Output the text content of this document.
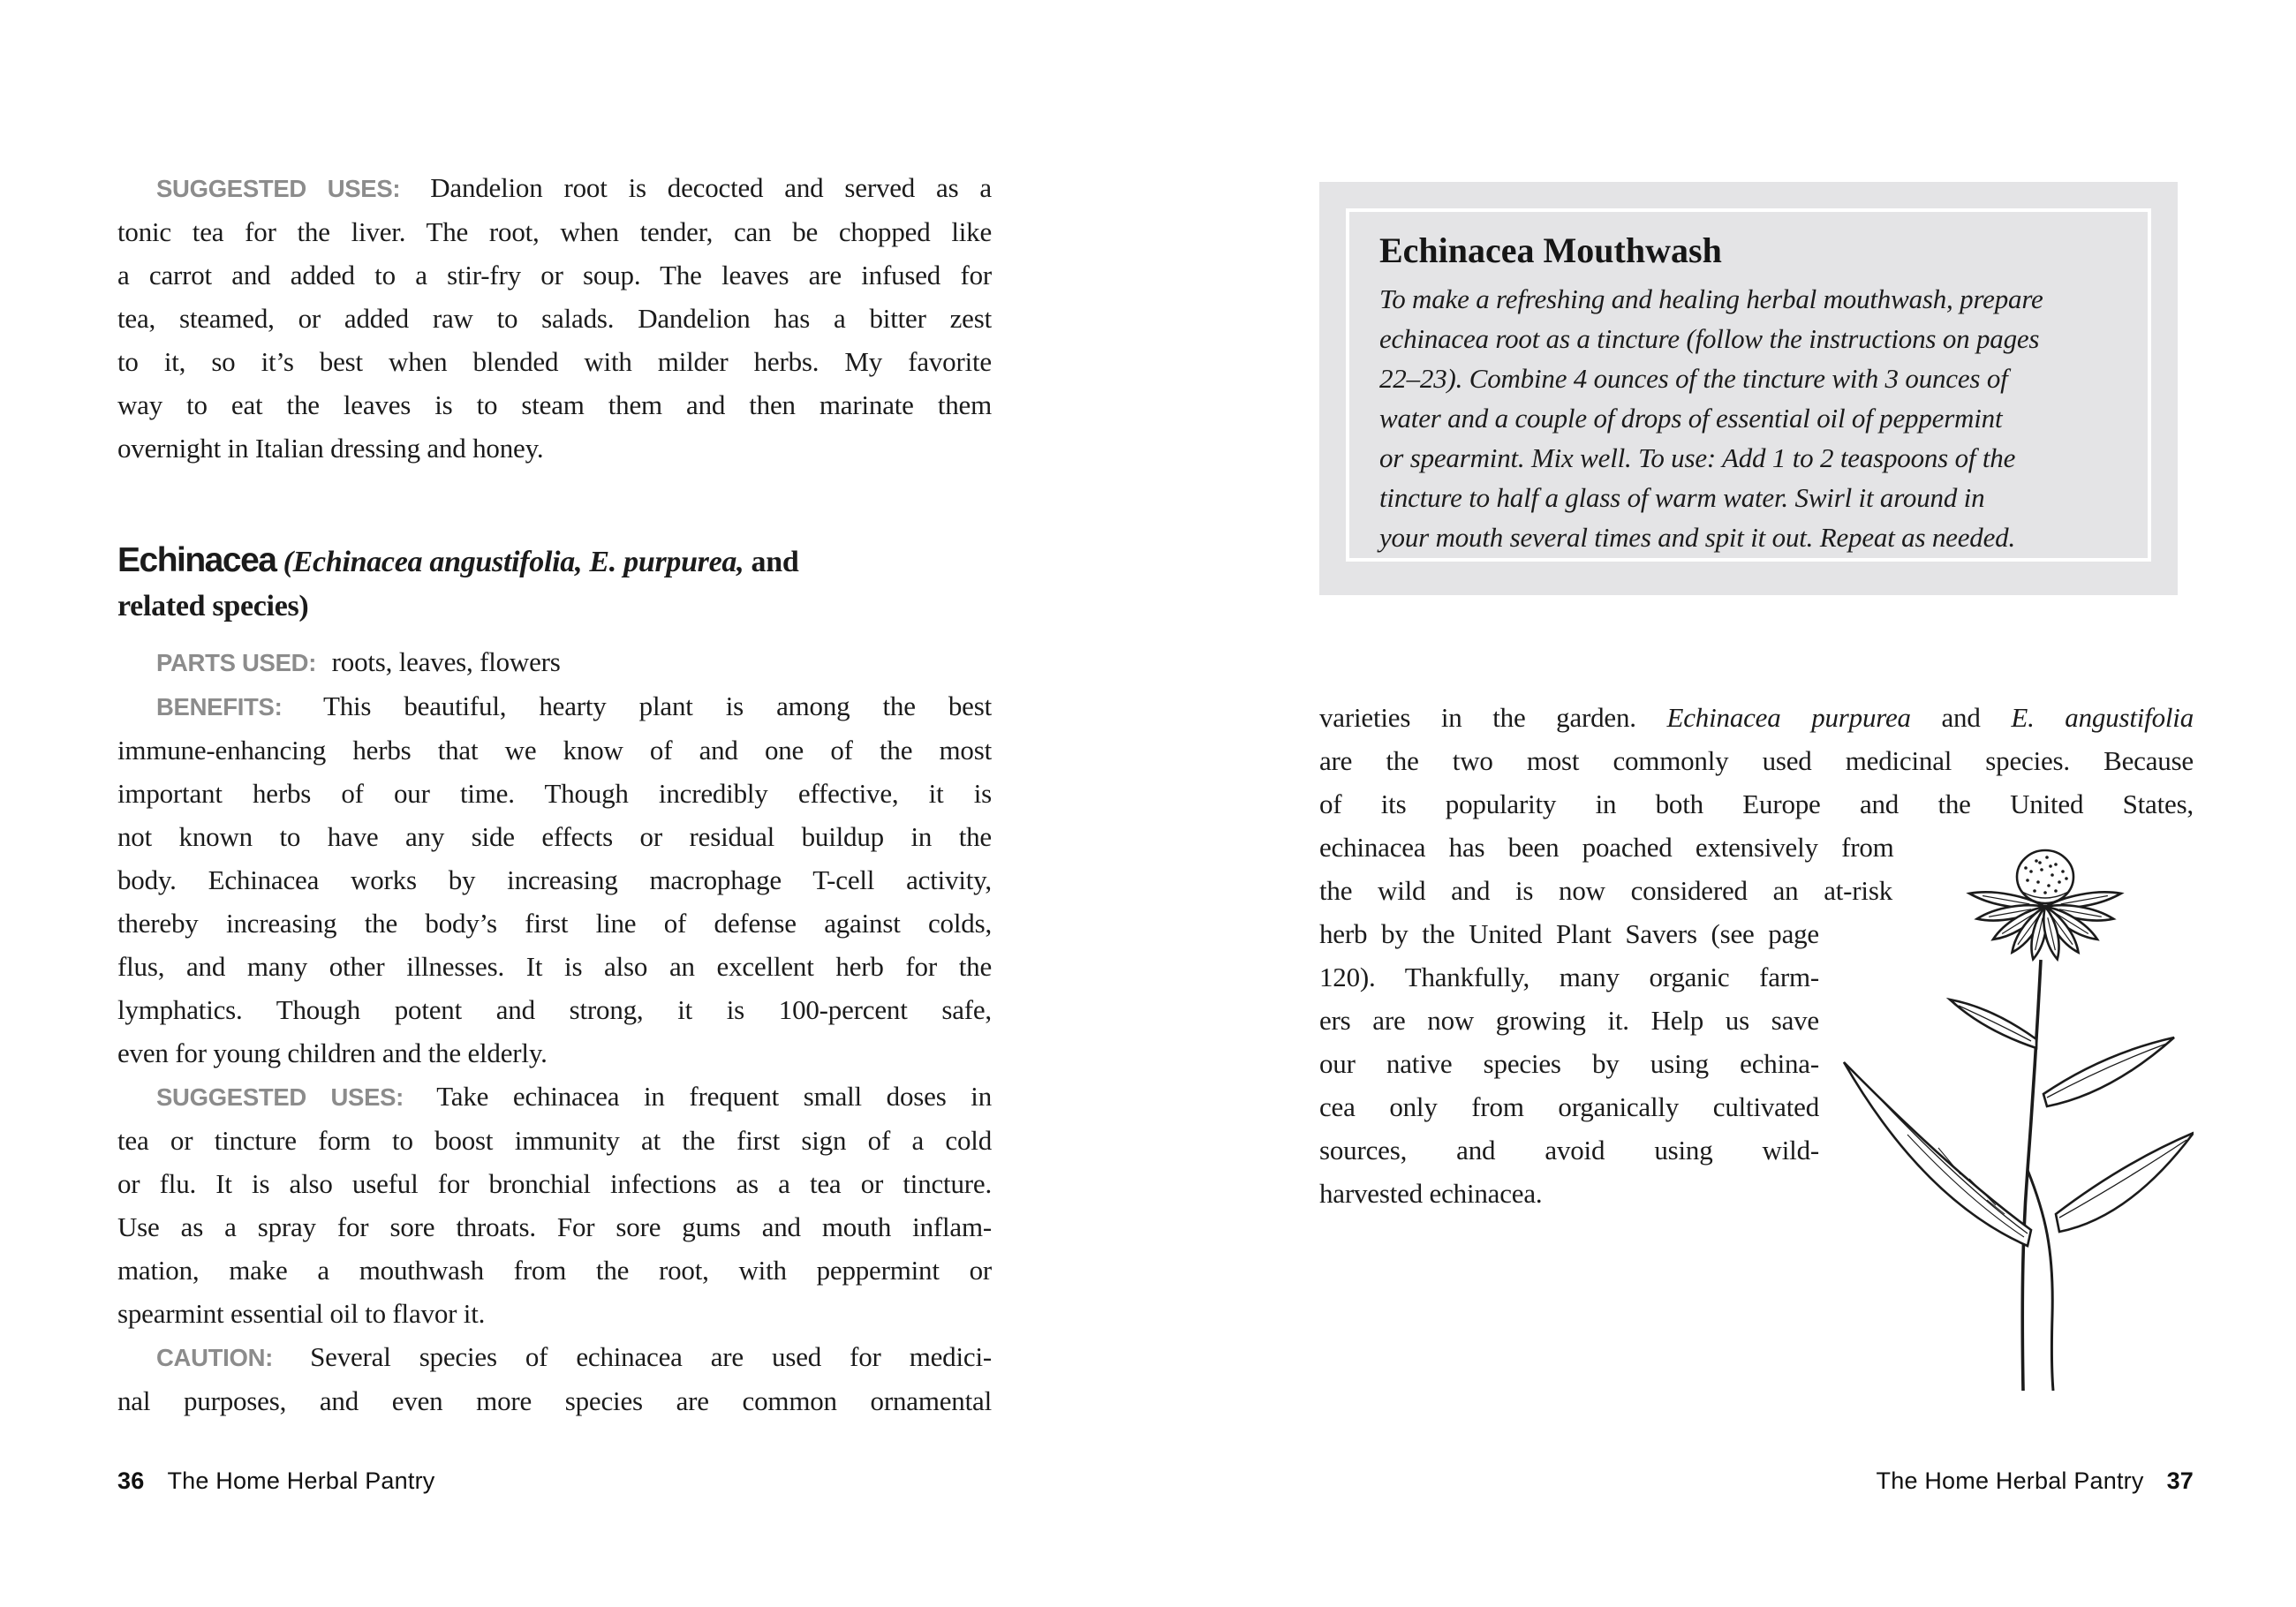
SUGGESTED USES: Dandelion root is decocted and served as a
tonic tea for the liver. The root, when tender, can be chopped like
a carrot and added to a stir-fry or soup. The leaves are infused for
tea, steamed, or added raw to salads. Dandelion has a bitter zest
to it, so it’s best when blended with milder herbs. My favorite
way to eat the leaves is to steam them and then marinate them
overnight in Italian dressing and honey.
Echinacea (Echinacea angustifolia, E. purpurea, and
related species)
PARTS USED: roots, leaves, flowers
BENEFITS: This beautiful, hearty plant is among the best
immune-enhancing herbs that we know of and one of the most
important herbs of our time. Though incredibly effective, it is
not known to have any side effects or residual buildup in the
body. Echinacea works by increasing macrophage T-cell activity,
thereby increasing the body’s first line of defense against colds,
flus, and many other illnesses. It is also an excellent herb for the
lymphatics. Though potent and strong, it is 100-percent safe,
even for young children and the elderly.
SUGGESTED USES: Take echinacea in frequent small doses in
tea or tincture form to boost immunity at the first sign of a cold
or flu. It is also useful for bronchial infections as a tea or tincture.
Use as a spray for sore throats. For sore gums and mouth inflam-
mation, make a mouthwash from the root, with peppermint or
spearmint essential oil to flavor it.
CAUTION: Several species of echinacea are used for medici-
nal purposes, and even more species are common ornamental
36 The Home Herbal Pantry
Echinacea Mouthwash
To make a refreshing and healing herbal mouthwash, prepare
echinacea root as a tincture (follow the instructions on pages
22–23). Combine 4 ounces of the tincture with 3 ounces of
water and a couple of drops of essential oil of peppermint
or spearmint. Mix well. To use: Add 1 to 2 teaspoons of the
tincture to half a glass of warm water. Swirl it around in
your mouth several times and spit it out. Repeat as needed.
varieties in the garden. Echinacea purpurea and E. angustifolia
are the two most commonly used medicinal species. Because
of its popularity in both Europe and the United States,
echinacea has been poached extensively from
the wild and is now considered an at-risk
herb by the United Plant Savers (see page
120). Thankfully, many organic farm-
ers are now growing it. Help us save
our native species by using echina-
cea only from organically cultivated
sources, and avoid using wild-
harvested echinacea.
The Home Herbal Pantry 37
